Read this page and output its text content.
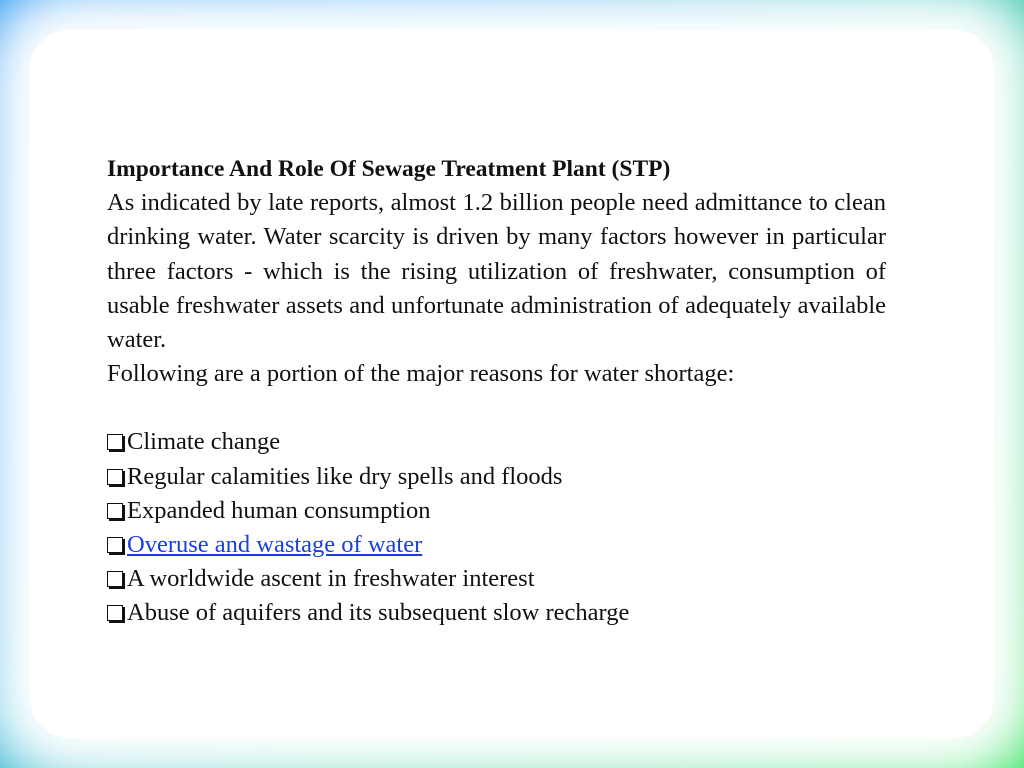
Importance And Role Of Sewage Treatment Plant (STP)

As indicated by late reports, almost 1.2 billion people need admittance to clean drinking water. Water scarcity is driven by many factors however in particular three factors - which is the rising utilization of freshwater, consumption of usable freshwater assets and unfortunate administration of adequately available water.

Following are a portion of the major reasons for water shortage:

Climate change
Regular calamities like dry spells and floods
Expanded human consumption
Overuse and wastage of water
A worldwide ascent in freshwater interest
Abuse of aquifers and its subsequent slow recharge
